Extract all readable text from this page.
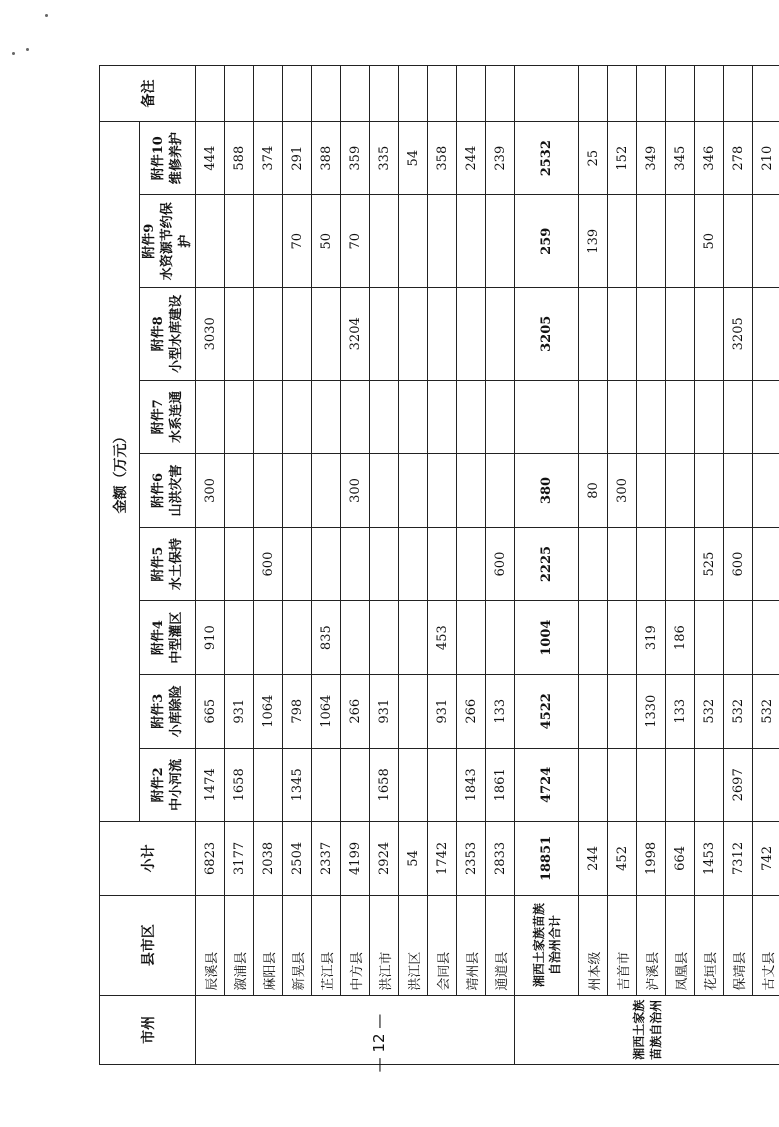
市州	县市区	小计	金额（万元）									备注
			附件2 中小河流	附件3 小库除险	附件4 中型灌区	附件5 水土保持	附件6 山洪灾害	附件7 水系连通	附件8 小型水库建设	附件9 水资源节约保护	附件10 维修养护	
	辰溪县	6823	1474	665	910		300		3030		444	
	溆浦县	3177	1658	931							588	
	麻阳县	2038		1064		600					374	
	新晃县	2504	1345	798						70	291	
	芷江县	2337		1064	835					50	388	
	中方县	4199		266			300		3204	70	359	
	洪江市	2924	1658	931							335	
	洪江区	54									54	
	会同县	1742		931	453						358	
	靖州县	2353	1843	266							244	
	通道县	2833	1861	133		600					239	
湘西土家族苗族自治州	湘西土家族苗族自治州合计	18851	4724	4522	1004	2225	380		3205	259	2532	
	州本级	244					80			139	25	
	吉首市	452					300				152	
	泸溪县	1998		1330	319						349	
	凤凰县	664		133	186						345	
	花垣县	1453		532		525				50	346	
	保靖县	7312	2697	532		600			3205		278	
	古丈县	742		532							210	
— 12 —
